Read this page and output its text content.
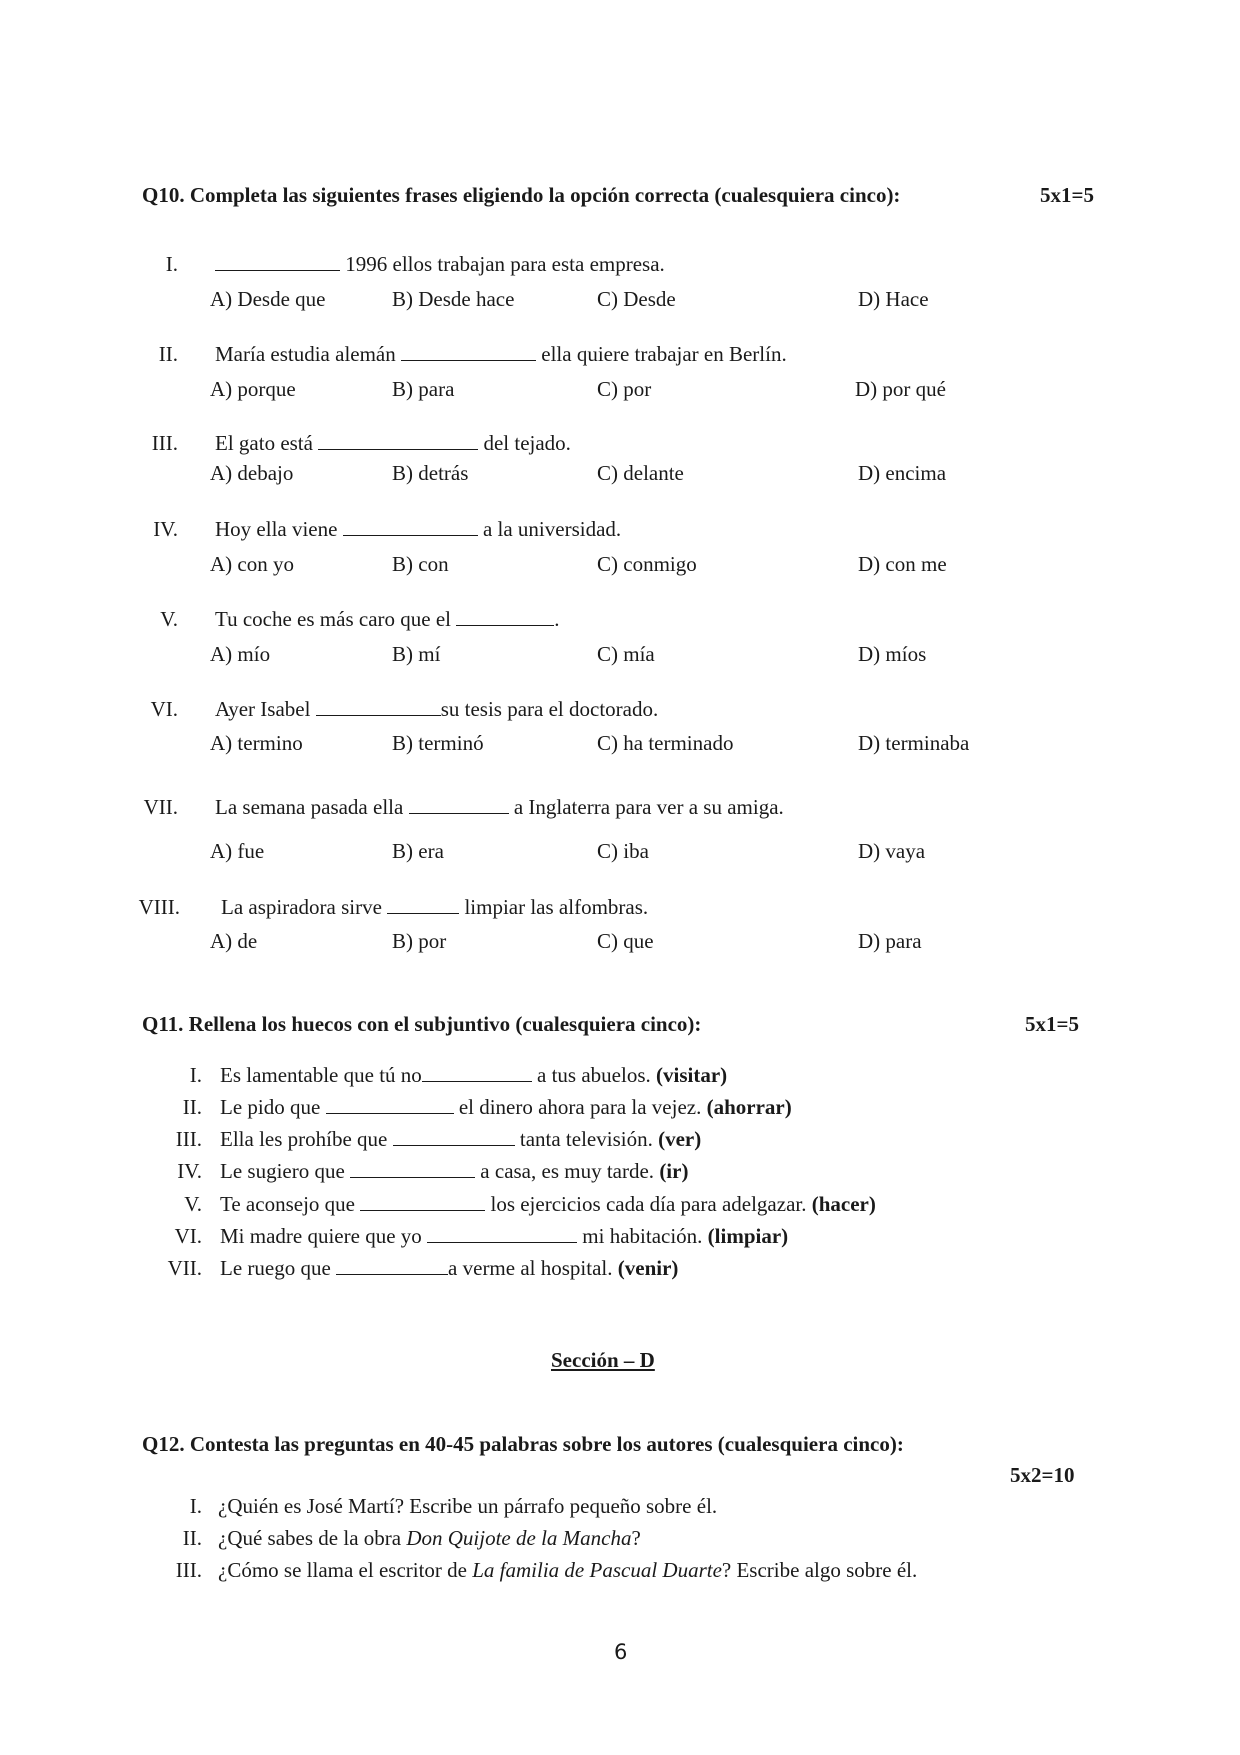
Q10. Completa las siguientes frases eligiendo la opción correcta (cualesquiera cinco):	5x1=5
I.	1996 ellos trabajan para esta empresa.
A) Desde que	B) Desde hace	C) Desde	D) Hace
II. María estudia alemán	ella quiere trabajar en Berlín.
A) porque	B) para	C) por	D) por qué
III. El gato está	del tejado.
A) debajo	B) detrás	C) delante	D) encima
IV. Hoy ella viene	a la universidad.
A) con yo	B) con	C) conmigo	D) con me
V. Tu coche es más caro que el	.
A) mío	B) mí	C) mía	D) míos
VI. Ayer Isabel	su tesis para el doctorado.
A) termino	B) terminó	C) ha terminado	D) terminaba
VII. La semana pasada ella	a Inglaterra para ver a su amiga.
A) fue	B) era	C) iba	D) vaya
VIII. La aspiradora sirve	limpiar las alfombras.
A) de	B) por	C) que	D) para
Q11. Rellena los huecos con el subjuntivo (cualesquiera cinco):	5x1=5
I. Es lamentable que tú no	a tus abuelos. (visitar)
II. Le pido que	el dinero ahora para la vejez. (ahorrar)
III. Ella les prohíbe que	tanta televisión. (ver)
IV. Le sugiero que	a casa, es muy tarde. (ir)
V. Te aconsejo que	los ejercicios cada día para adelgazar. (hacer)
VI. Mi madre quiere que yo	mi habitación. (limpiar)
VII. Le ruego que	a verme al hospital. (venir)
Sección – D
Q12. Contesta las preguntas en 40-45 palabras sobre los autores (cualesquiera cinco):
5x2=10
I. ¿Quién es José Martí? Escribe un párrafo pequeño sobre él.
II. ¿Qué sabes de la obra Don Quijote de la Mancha?
III. ¿Cómo se llama el escritor de La familia de Pascual Duarte? Escribe algo sobre él.
6
